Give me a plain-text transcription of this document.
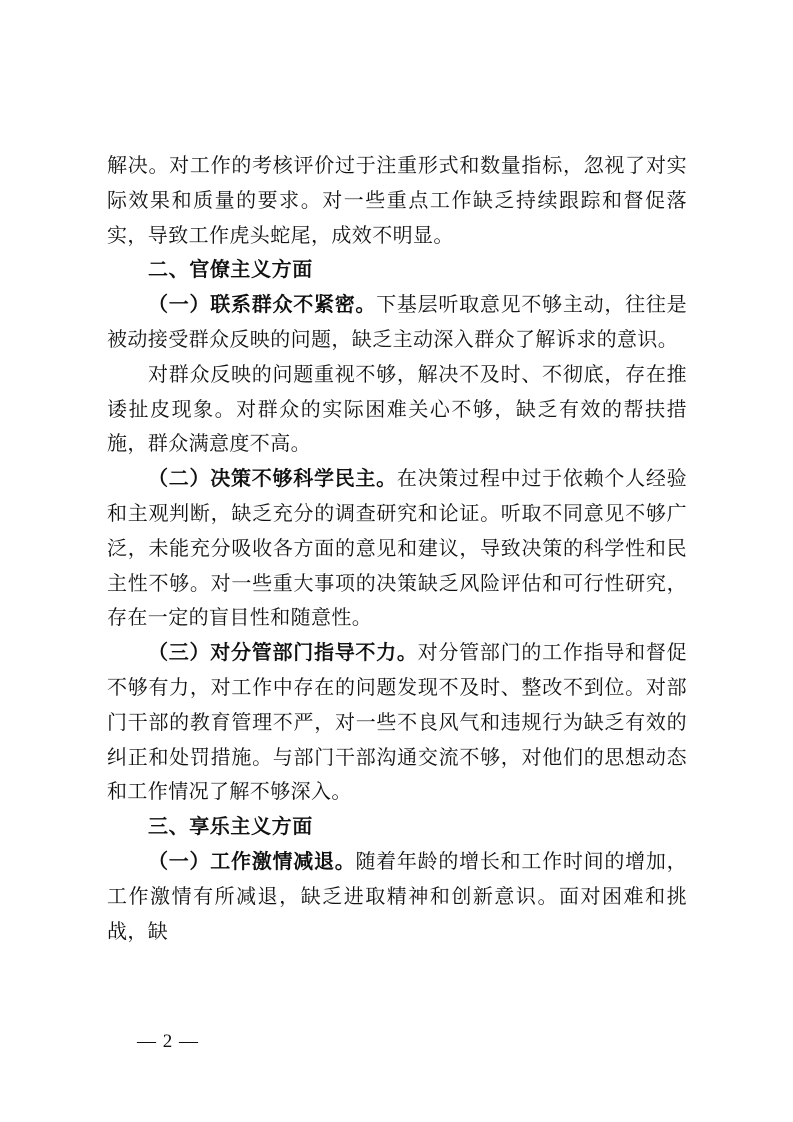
解决。对工作的考核评价过于注重形式和数量指标，忽视了对实际效果和质量的要求。对一些重点工作缺乏持续跟踪和督促落实，导致工作虎头蛇尾，成效不明显。

二、官僚主义方面

（一）联系群众不紧密。下基层听取意见不够主动，往往是被动接受群众反映的问题，缺乏主动深入群众了解诉求的意识。

对群众反映的问题重视不够，解决不及时、不彻底，存在推诿扯皮现象。对群众的实际困难关心不够，缺乏有效的帮扶措施，群众满意度不高。

（二）决策不够科学民主。在决策过程中过于依赖个人经验和主观判断，缺乏充分的调查研究和论证。听取不同意见不够广泛，未能充分吸收各方面的意见和建议，导致决策的科学性和民主性不够。对一些重大事项的决策缺乏风险评估和可行性研究，存在一定的盲目性和随意性。

（三）对分管部门指导不力。对分管部门的工作指导和督促不够有力，对工作中存在的问题发现不及时、整改不到位。对部门干部的教育管理不严，对一些不良风气和违规行为缺乏有效的纠正和处罚措施。与部门干部沟通交流不够，对他们的思想动态和工作情况了解不够深入。

三、享乐主义方面

（一）工作激情减退。随着年龄的增长和工作时间的增加，工作激情有所减退，缺乏进取精神和创新意识。面对困难和挑战，缺

— 2 —
